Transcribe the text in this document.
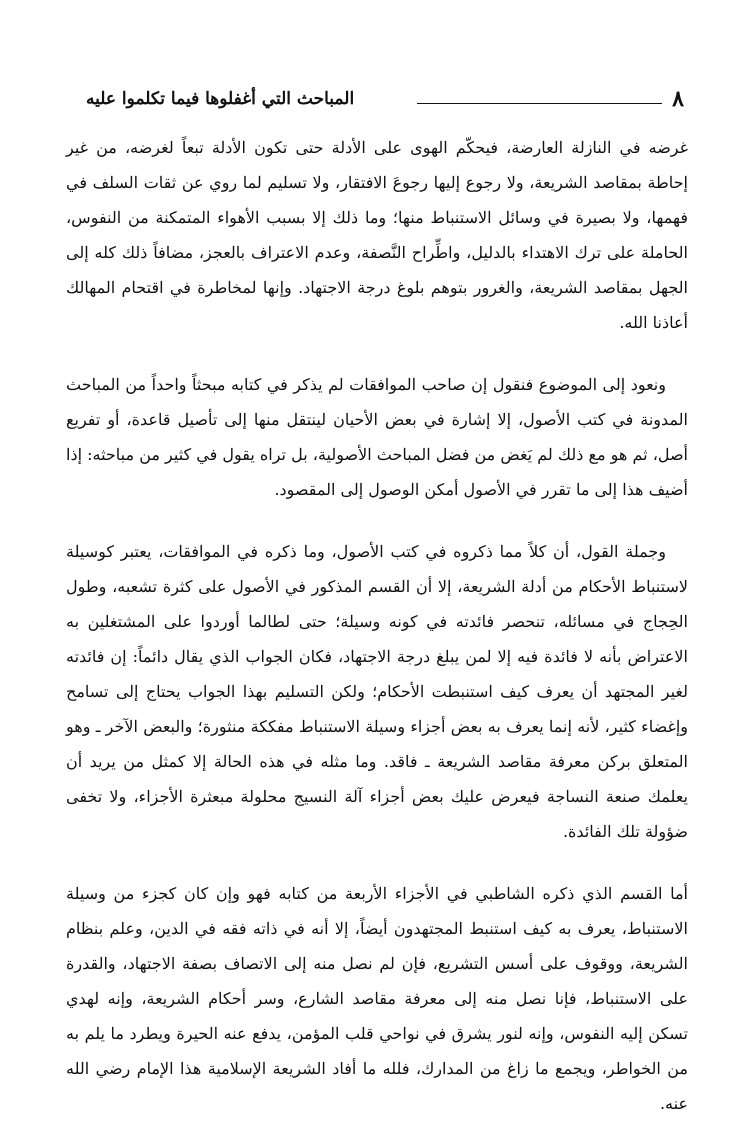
٨
المباحث التي أغفلوها فيما تكلموا عليه

غرضه في النازلة العارضة، فيحكّم الهوى على الأدلة حتى تكون الأدلة تبعاً لغرضه، من غير إحاطة بمقاصد الشريعة، ولا رجوع إليها رجوعَ الافتقار، ولا تسليم لما روي عن ثقات السلف في فهمها، ولا بصيرة في وسائل الاستنباط منها؛ وما ذلك إلا بسبب الأهواء المتمكنة من النفوس، الحاملة على ترك الاهتداء بالدليل، واطِّراح النَّصفة، وعدم الاعتراف بالعجز، مضافاً ذلك كله إلى الجهل بمقاصد الشريعة، والغرور بتوهم بلوغ درجة الاجتهاد. وإنها لمخاطرة في اقتحام المهالك أعاذنا الله.

ونعود إلى الموضوع فنقول إن صاحب الموافقات لم يذكر في كتابه مبحثاً واحداً من المباحث المدونة في كتب الأصول، إلا إشارة في بعض الأحيان لينتقل منها إلى تأصيل قاعدة، أو تفريع أصل، ثم هو مع ذلك لم يَغض من فضل المباحث الأصولية، بل تراه يقول في كثير من مباحثه: إذا أضيف هذا إلى ما تقرر في الأصول أمكن الوصول إلى المقصود.

وجملة القول، أن كلاً مما ذكروه في كتب الأصول، وما ذكره في الموافقات، يعتبر كوسيلة لاستنباط الأحكام من أدلة الشريعة، إلا أن القسم المذكور في الأصول على كثرة تشعبه، وطول الحِجاج في مسائله، تنحصر فائدته في كونه وسيلة؛ حتى لطالما أوردوا على المشتغلين به الاعتراض بأنه لا فائدة فيه إلا لمن يبلغ درجة الاجتهاد، فكان الجواب الذي يقال دائماً: إن فائدته لغير المجتهد أن يعرف كيف استنبطت الأحكام؛ ولكن التسليم بهذا الجواب يحتاج إلى تسامح وإغضاء كثير، لأنه إنما يعرف به بعض أجزاء وسيلة الاستنباط مفككة منثورة؛ والبعض الآخر ـ وهو المتعلق بركن معرفة مقاصد الشريعة ـ فاقد. وما مثله في هذه الحالة إلا كمثل من يريد أن يعلمك صنعة النساجة فيعرض عليك بعض أجزاء آلة النسيج محلولة مبعثرة الأجزاء، ولا تخفى ضؤولة تلك الفائدة.

أما القسم الذي ذكره الشاطبي في الأجزاء الأربعة من كتابه فهو وإن كان كجزء من وسيلة الاستنباط، يعرف به كيف استنبط المجتهدون أيضاً، إلا أنه في ذاته فقه في الدين، وعلم بنظام الشريعة، ووقوف على أسس التشريع، فإن لم نصل منه إلى الاتصاف بصفة الاجتهاد، والقدرة على الاستنباط، فإنا نصل منه إلى معرفة مقاصد الشارع، وسر أحكام الشريعة، وإنه لهدي تسكن إليه النفوس، وإنه لنور يشرق في نواحي قلب المؤمن، يدفع عنه الحيرة ويطرد ما يلم به من الخواطر، ويجمع ما زاغ من المدارك، فلله ما أفاد الشريعة الإسلامية هذا الإمام رضي الله عنه.
